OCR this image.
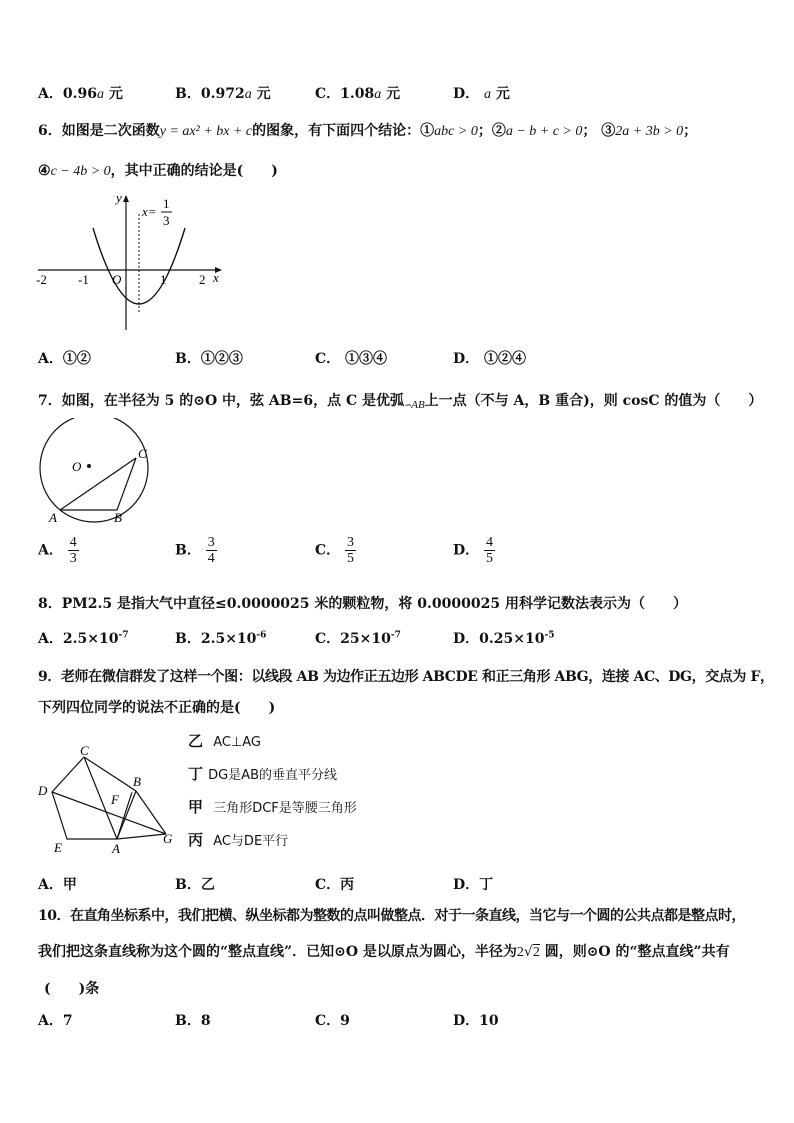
A．0.96a 元	B．0.972a 元	C．1.08a 元	D． a 元
6．如图是二次函数y = ax² + bx + c的图象，有下面四个结论：①abc > 0；②a − b + c > 0； ③2a + 3b > 0；
④c − 4b > 0，其中正确的结论是(　　)
y
x
O
x=
1
3
-2 -1	1	2
A．①②	B．①②③	C． ①③④	D． ①②④
7．如图，在半径为 5 的⊙O 中，弦 AB=6，点 C 是优弧$_{⌢AB}$上一点（不与 A，B 重合)，则 cosC 的值为（　　）
O
A	B
C
A． $\frac{4}{3}$	B． $\frac{3}{4}$	C． $\frac{3}{5}$	D． $\frac{4}{5}$
8．PM2.5 是指大气中直径≤0.0000025 米的颗粒物，将 0.0000025 用科学记数法表示为（　　）
A．$2.5\times 10^{-7}$	B．$2.5\times 10^{-6}$	C．$25\times 10^{-7}$	D．$0.25\times 10^{-5}$
9．老师在微信群发了这样一个图：以线段 AB 为边作正五边形 ABCDE 和正三角形 ABG，连接 AC、DG，交点为 F，
下列四位同学的说法不正确的是(　　)
C
B
D
F
E	A
G
乙 AC⊥AG
丁 DG是AB的垂直平分线
甲 三角形DCF是等腰三角形
丙 AC与DE平行
A．甲	B．乙	C．丙	D．丁
10．在直角坐标系中，我们把横、纵坐标都为整数的点叫做整点．对于一条直线，当它与一个圆的公共点都是整点时，
我们把这条直线称为这个圆的“整点直线”．已知⊙O 是以原点为圆心，半径为2√2 圆，则⊙O 的“整点直线”共有
(　　)条
A．7	B．8	C．9	D．10
